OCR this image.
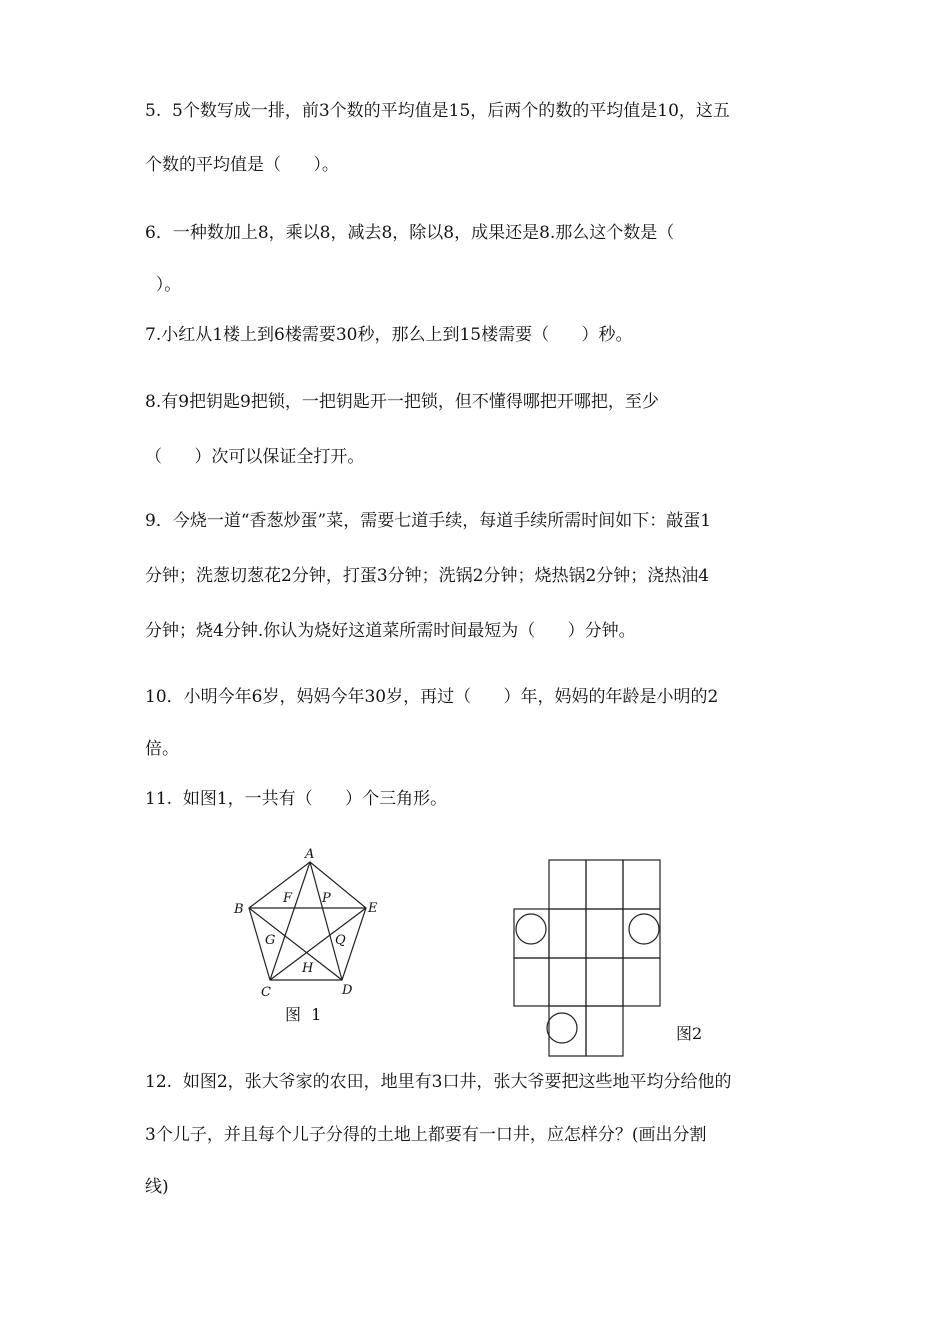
5.  5个数写成一排，前3个数的平均值是15，后两个的数的平均值是10，这五
个数的平均值是（      ）。
6．一种数加上8，乘以8，减去8，除以8，成果还是8.那么这个数是（
）。
7.小红从1楼上到6楼需要30秒，那么上到15楼需要（      ）秒。
8.有9把钥匙9把锁，一把钥匙开一把锁，但不懂得哪把开哪把，至少
（      ）次可以保证全打开。
9．今烧一道“香葱炒蛋”菜，需要七道手续，每道手续所需时间如下：敲蛋1
分钟；洗葱切葱花2分钟，打蛋3分钟；洗锅2分钟；烧热锅2分钟；浇热油4
分钟；烧4分钟.你认为烧好这道菜所需时间最短为（      ）分钟。
10．小明今年6岁，妈妈今年30岁，再过（      ）年，妈妈的年龄是小明的2
倍。
11.  如图1，一共有（      ）个三角形。
12.  如图2，张大爷家的农田，地里有3口井，张大爷要把这些地平均分给他的
3个儿子，并且每个儿子分得的土地上都要有一口井，应怎样分？(画出分割
线)
A
B
C	D
E
F P
G	Q
H
图  1
图2
